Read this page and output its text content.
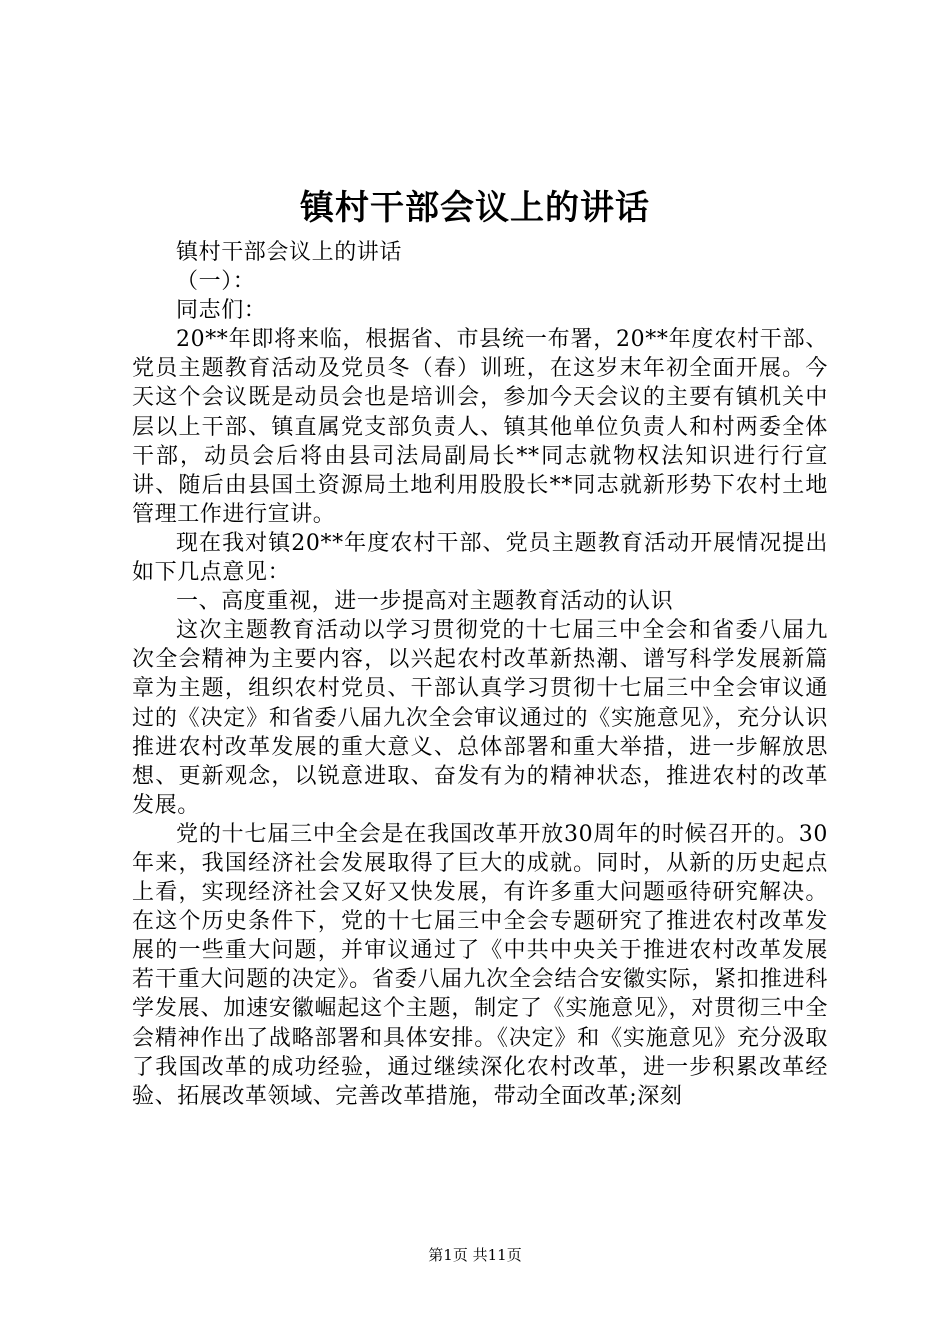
镇村干部会议上的讲话

镇村干部会议上的讲话

（一）：

同志们：

20**年即将来临，根据省、市县统一布署，20**年度农村干部、党员主题教育活动及党员冬（春）训班，在这岁末年初全面开展。今天这个会议既是动员会也是培训会，参加今天会议的主要有镇机关中层以上干部、镇直属党支部负责人、镇其他单位负责人和村两委全体干部，动员会后将由县司法局副局长**同志就物权法知识进行行宣讲、随后由县国土资源局土地利用股股长**同志就新形势下农村土地管理工作进行宣讲。

现在我对镇20**年度农村干部、党员主题教育活动开展情况提出如下几点意见：

一、高度重视，进一步提高对主题教育活动的认识

这次主题教育活动以学习贯彻党的十七届三中全会和省委八届九次全会精神为主要内容，以兴起农村改革新热潮、谱写科学发展新篇章为主题，组织农村党员、干部认真学习贯彻十七届三中全会审议通过的《决定》和省委八届九次全会审议通过的《实施意见》，充分认识推进农村改革发展的重大意义、总体部署和重大举措，进一步解放思想、更新观念，以锐意进取、奋发有为的精神状态，推进农村的改革发展。

党的十七届三中全会是在我国改革开放30周年的时候召开的。30年来，我国经济社会发展取得了巨大的成就。同时，从新的历史起点上看，实现经济社会又好又快发展，有许多重大问题亟待研究解决。在这个历史条件下，党的十七届三中全会专题研究了推进农村改革发展的一些重大问题，并审议通过了《中共中央关于推进农村改革发展若干重大问题的决定》。省委八届九次全会结合安徽实际，紧扣推进科学发展、加速安徽崛起这个主题，制定了《实施意见》，对贯彻三中全会精神作出了战略部署和具体安排。《决定》和《实施意见》充分汲取了我国改革的成功经验，通过继续深化农村改革，进一步积累改革经验、拓展改革领域、完善改革措施，带动全面改革;深刻

第1页 共11页
